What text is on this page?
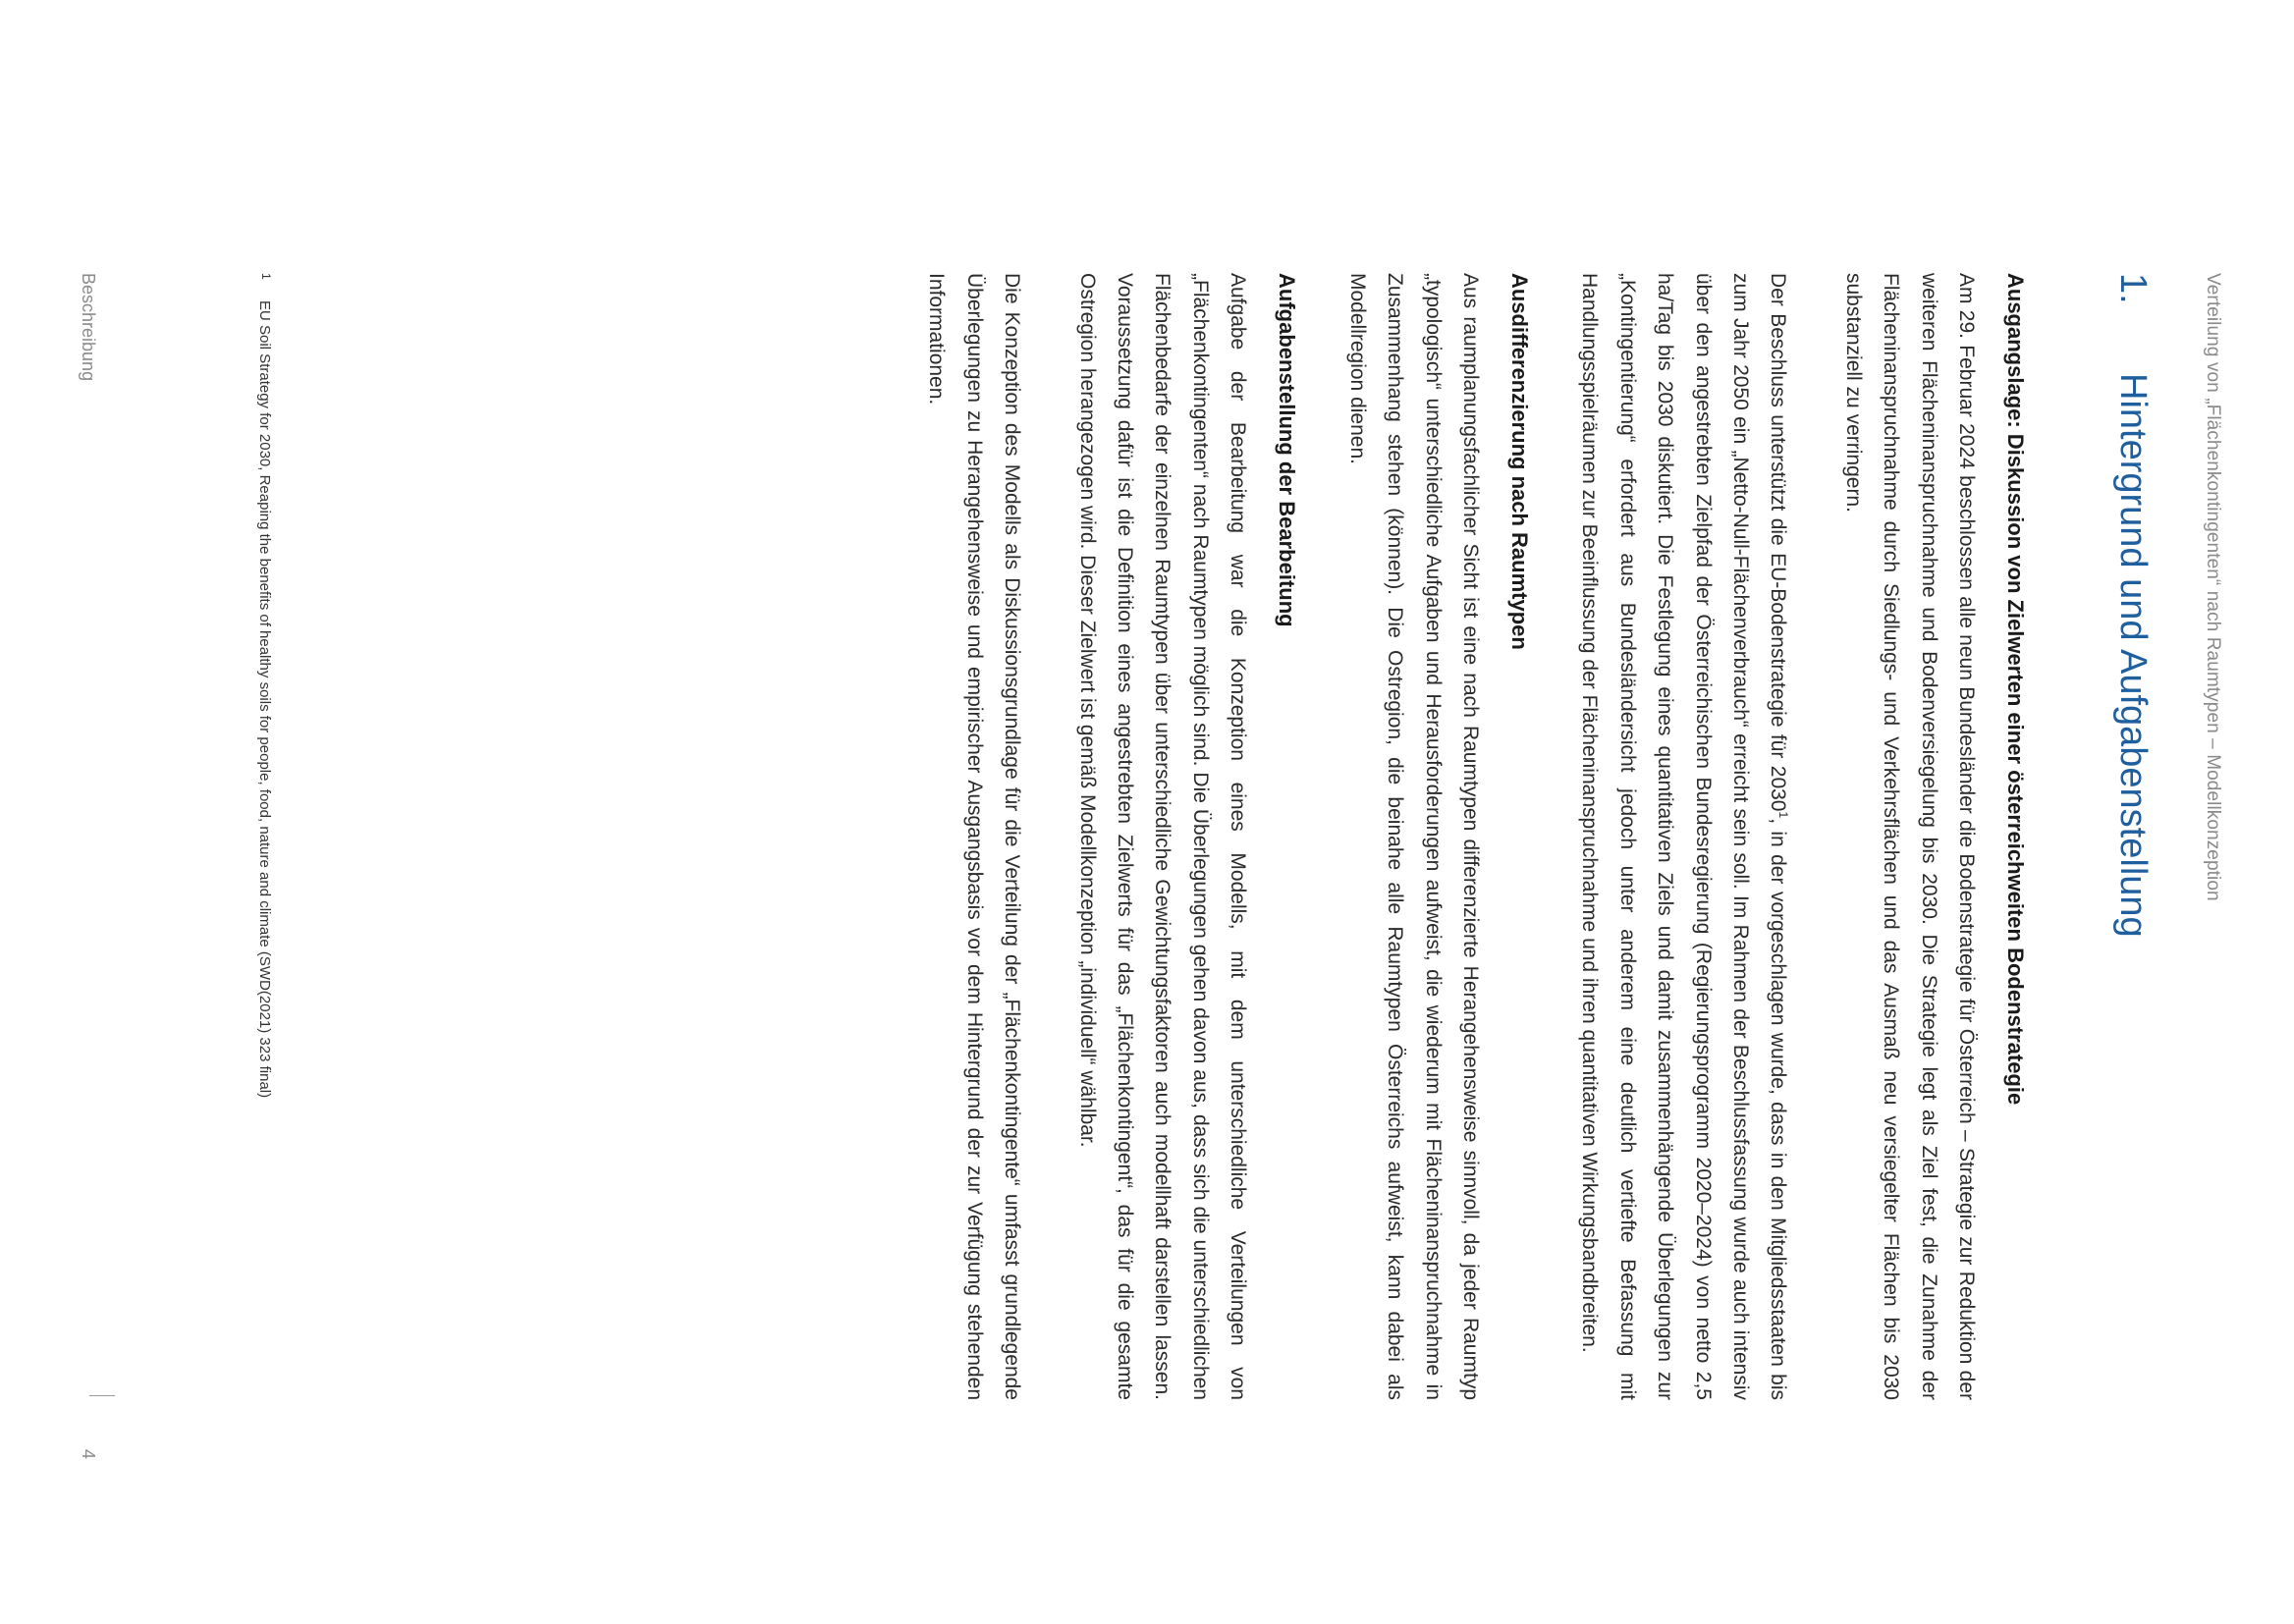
Verteilung von „Flächenkontingenten“ nach Raumtypen – Modellkonzeption
1.Hintergrund und Aufgabenstellung
Ausgangslage: Diskussion von Zielwerten einer österreichweiten Bodenstrategie

Am 29. Februar 2024 beschlossen alle neun Bundesländer die Bodenstrategie für Österreich – Strategie zur Reduktion der weiteren Flächeninanspruchnahme und Bodenversiegelung bis 2030. Die Strategie legt als Ziel fest, die Zunahme der Flächeninanspruchnahme durch Siedlungs- und Verkehrsflächen und das Ausmaß neu versiegelter Flächen bis 2030 substanziell zu verringern.

Der Beschluss unterstützt die EU-Bodenstrategie für 2030$^1$, in der vorgeschlagen wurde, dass in den Mitgliedsstaaten bis zum Jahr 2050 ein „Netto-Null-Flächenverbrauch“ erreicht sein soll. Im Rahmen der Beschlussfassung wurde auch intensiv über den angestrebten Zielpfad der Österreichischen Bundesregierung (Regierungsprogramm 2020–2024) von netto 2,5 ha/Tag bis 2030 diskutiert. Die Festlegung eines quantitativen Ziels und damit zusammenhängende Überlegungen zur „Kontingentierung“ erfordert aus Bundesländersicht jedoch unter anderem eine deutlich vertiefte Befassung mit Handlungsspielräumen zur Beeinflussung der Flächeninanspruchnahme und ihren quantitativen Wirkungsbandbreiten.

Ausdifferenzierung nach Raumtypen

Aus raumplanungsfachlicher Sicht ist eine nach Raumtypen differenzierte Herangehensweise sinnvoll, da jeder Raumtyp „typologisch“ unterschiedliche Aufgaben und Herausforderungen aufweist, die wiederum mit Flächeninanspruchnahme in Zusammenhang stehen (können). Die Ostregion, die beinahe alle Raumtypen Österreichs aufweist, kann dabei als Modellregion dienen.

Aufgabenstellung der Bearbeitung

Aufgabe der Bearbeitung war die Konzeption eines Modells, mit dem unterschiedliche Verteilungen von „Flächenkontingenten“ nach Raumtypen möglich sind. Die Überlegungen gehen davon aus, dass sich die unterschiedlichen Flächenbedarfe der einzelnen Raumtypen über unterschiedliche Gewichtungsfaktoren auch modellhaft darstellen lassen. Voraussetzung dafür ist die Definition eines angestrebten Zielwerts für das „Flächenkontingent“, das für die gesamte Ostregion herangezogen wird. Dieser Zielwert ist gemäß Modellkonzeption „individuell“ wählbar.

Die Konzeption des Modells als Diskussionsgrundlage für die Verteilung der „Flächenkontingente“ umfasst grundlegende Überlegungen zu Herangehensweise und empirischer Ausgangsbasis vor dem Hintergrund der zur Verfügung stehenden Informationen.

1EU Soil Strategy for 2030, Reaping the benefits of healthy soils for people, food, nature and climate (SWD(2021) 323 final)
Beschreibung
4
